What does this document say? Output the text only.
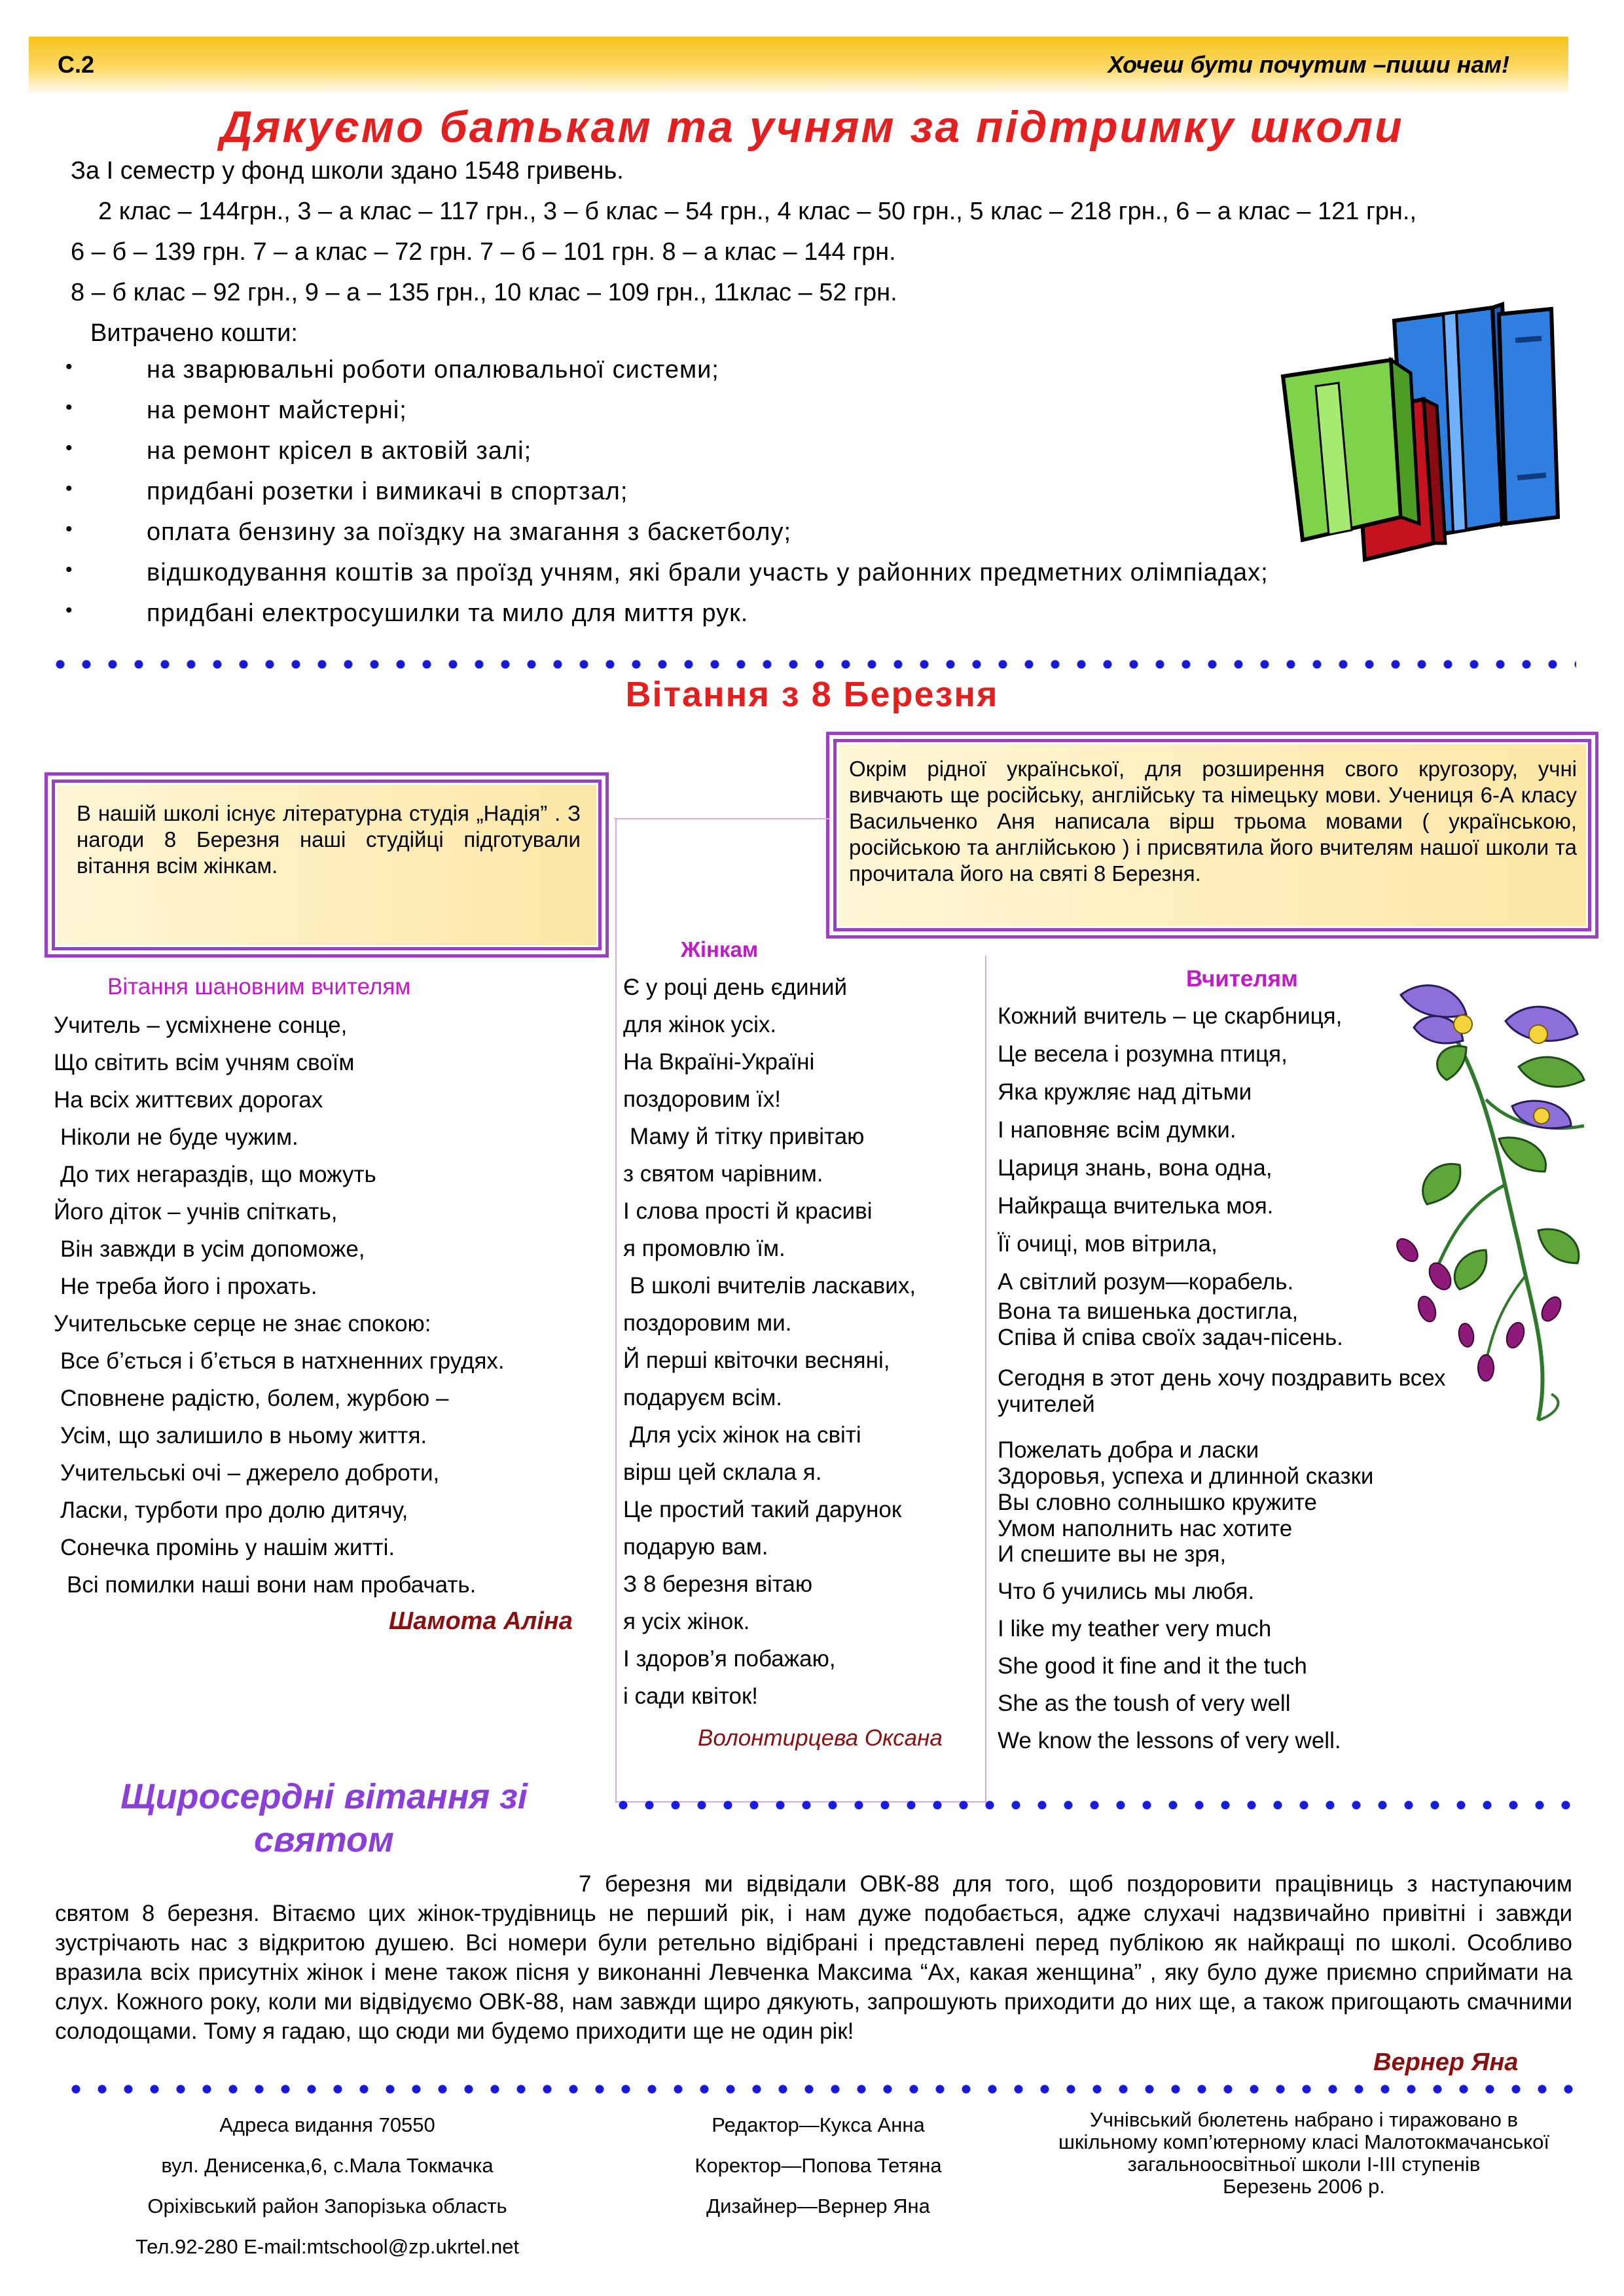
С.2	Хочеш бути почутим –пиши нам!
Дякуємо батькам та учням за підтримку школи
За І семестр у фонд школи здано 1548 гривень.
2 клас – 144грн., 3 – а клас – 117 грн., 3 – б клас – 54 грн., 4 клас – 50 грн., 5 клас – 218 грн., 6 – а клас – 121 грн.,
6 – б – 139 грн. 7 – а клас – 72 грн. 7 – б – 101 грн. 8 – а клас – 144 грн.
8 – б клас – 92 грн., 9 – а – 135 грн., 10 клас – 109 грн., 11клас – 52 грн.
Витрачено кошти:
•	на зварювальні роботи опалювальної системи;
•	на ремонт майстерні;
•	на ремонт крісел в актовій залі;
•	придбані розетки і вимикачі в спортзал;
•	оплата бензину за поїздку на змагання з баскетболу;
•	відшкодування коштів за проїзд учням, які брали участь у районних предметних олімпіадах;
•	придбані електросушилки та мило для миття рук.
Вітання з 8 Березня
В нашій школі існує літературна студія „Надія” . З нагоди 8 Березня наші студійці підготували вітання всім жінкам.
Окрім рідної української, для розширення свого кругозору, учні вивчають ще російську, англійську та німецьку мови. Учениця 6-А класу Васильченко Аня написала вірш трьома мовами ( українською, російською та англійською ) і присвятила його вчителям нашої школи та прочитала його на святі 8 Березня.
Вітання шановним вчителям
Учитель – усміхнене сонце,
Що світить всім учням своїм
На всіх життєвих дорогах
Ніколи не буде чужим.
До тих негараздів, що можуть
Його діток – учнів спіткать,
Він завжди в усім допоможе,
Не треба його і прохать.
Учительське серце не знає спокою:
Все б’ється і б’ється в натхненних грудях.
Сповнене радістю, болем, журбою –
Усім, що залишило в ньому життя.
Учительські очі – джерело доброти,
Ласки, турботи про долю дитячу,
Сонечка промінь у нашім житті.
Всі помилки наші вони нам пробачать.
Шамота Аліна
Жінкам
Є у році день єдиний
для жінок усіх.
На Вкраїні-Україні
поздоровим їх!
Маму й тітку привітаю
з святом чарівним.
І слова прості й красиві
я промовлю їм.
В школі вчителів ласкавих,
поздоровим ми.
Й перші квіточки весняні,
подаруєм всім.
Для усіх жінок на світі
вірш цей склала я.
Це простий такий дарунок
подарую вам.
З 8 березня вітаю
я усіх жінок.
І здоров’я побажаю,
і сади квіток!
Волонтирцева Оксана
Вчителям
Кожний вчитель – це скарбниця,
Це весела і розумна птиця,
Яка кружляє над дітьми
І наповняє всім думки.
Цариця знань, вона одна,
Найкраща вчителька моя.
Її очиці, мов вітрила,
А світлий розум—корабель.
Вона та вишенька достигла,
Співа й співа своїх задач-пісень.
Сегодня в этот день хочу поздравить всех
учителей
Пожелать добра и ласки
Здоровья, успеха и длинной сказки
Вы словно солнышко кружите
Умом наполнить нас хотите
И спешите вы не зря,
Что б учились мы любя.
I like my teather very much
She good it fine and it the tuch
She as the tоush of very well
We know the lessons of very well.
Щиросердні вітання зі
святом
7 березня ми відвідали ОВК-88 для того, щоб поздоровити працівниць з наступаючим святом 8 березня. Вітаємо цих жінок-трудівниць не перший рік, і нам дуже подобається, адже слухачі надзвичайно привітні і завжди зустрічають нас з відкритою душею. Всі номери були ретельно відібрані і представлені перед публікою як найкращі по школі. Особливо вразила всіх присутніх жінок і мене також пісня у виконанні Левченка Максима “Ах, какая женщина” , яку було дуже приємно сприймати на слух. Кожного року, коли ми відвідуємо ОВК-88, нам завжди щиро дякують, запрошують приходити до них ще, а також пригощають смачними солодощами. Тому я гадаю, що сюди ми будемо приходити ще не один рік!
Вернер Яна
Адреса видання 70550
вул. Денисенка,6, с.Мала Токмачка
Оріхівський район Запорізька область
Тел.92-280 E-mail:mtschool@zp.ukrtel.net
Редактор—Кукса Анна
Коректор—Попова Тетяна
Дизайнер—Вернер Яна
Учнівський бюлетень набрано і тиражовано в шкільному комп’ютерному класі Малотокмачанської загальноосвітньої школи І-ІІІ ступенів
Березень 2006 р.
